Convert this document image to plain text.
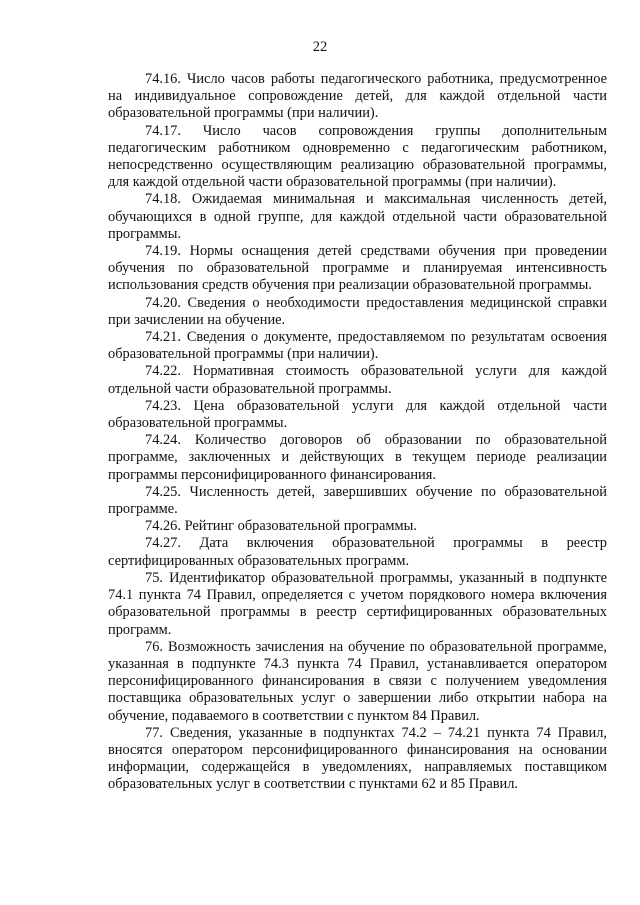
22

74.16. Число часов работы педагогического работника, предусмотренное на индивидуальное сопровождение детей, для каждой отдельной части образовательной программы (при наличии).

74.17. Число часов сопровождения группы дополнительным педагогическим работником одновременно с педагогическим работником, непосредственно осуществляющим реализацию образовательной программы, для каждой отдельной части образовательной программы (при наличии).

74.18. Ожидаемая минимальная и максимальная численность детей, обучающихся в одной группе, для каждой отдельной части образовательной программы.

74.19. Нормы оснащения детей средствами обучения при проведении обучения по образовательной программе и планируемая интенсивность использования средств обучения при реализации образовательной программы.

74.20. Сведения о необходимости предоставления медицинской справки при зачислении на обучение.

74.21. Сведения о документе, предоставляемом по результатам освоения образовательной программы (при наличии).

74.22. Нормативная стоимость образовательной услуги для каждой отдельной части образовательной программы.

74.23. Цена образовательной услуги для каждой отдельной части образовательной программы.

74.24. Количество договоров об образовании по образовательной программе, заключенных и действующих в текущем периоде реализации программы персонифицированного финансирования.

74.25. Численность детей, завершивших обучение по образовательной программе.

74.26. Рейтинг образовательной программы.

74.27. Дата включения образовательной программы в реестр сертифицированных образовательных программ.

75. Идентификатор образовательной программы, указанный в подпункте 74.1 пункта 74 Правил, определяется с учетом порядкового номера включения образовательной программы в реестр сертифицированных образовательных программ.

76. Возможность зачисления на обучение по образовательной программе, указанная в подпункте 74.3 пункта 74 Правил, устанавливается оператором персонифицированного финансирования в связи с получением уведомления поставщика образовательных услуг о завершении либо открытии набора на обучение, подаваемого в соответствии с пунктом 84 Правил.

77. Сведения, указанные в подпунктах 74.2 – 74.21 пункта 74 Правил, вносятся оператором персонифицированного финансирования на основании информации, содержащейся в уведомлениях, направляемых поставщиком образовательных услуг в соответствии с пунктами 62 и 85 Правил.
